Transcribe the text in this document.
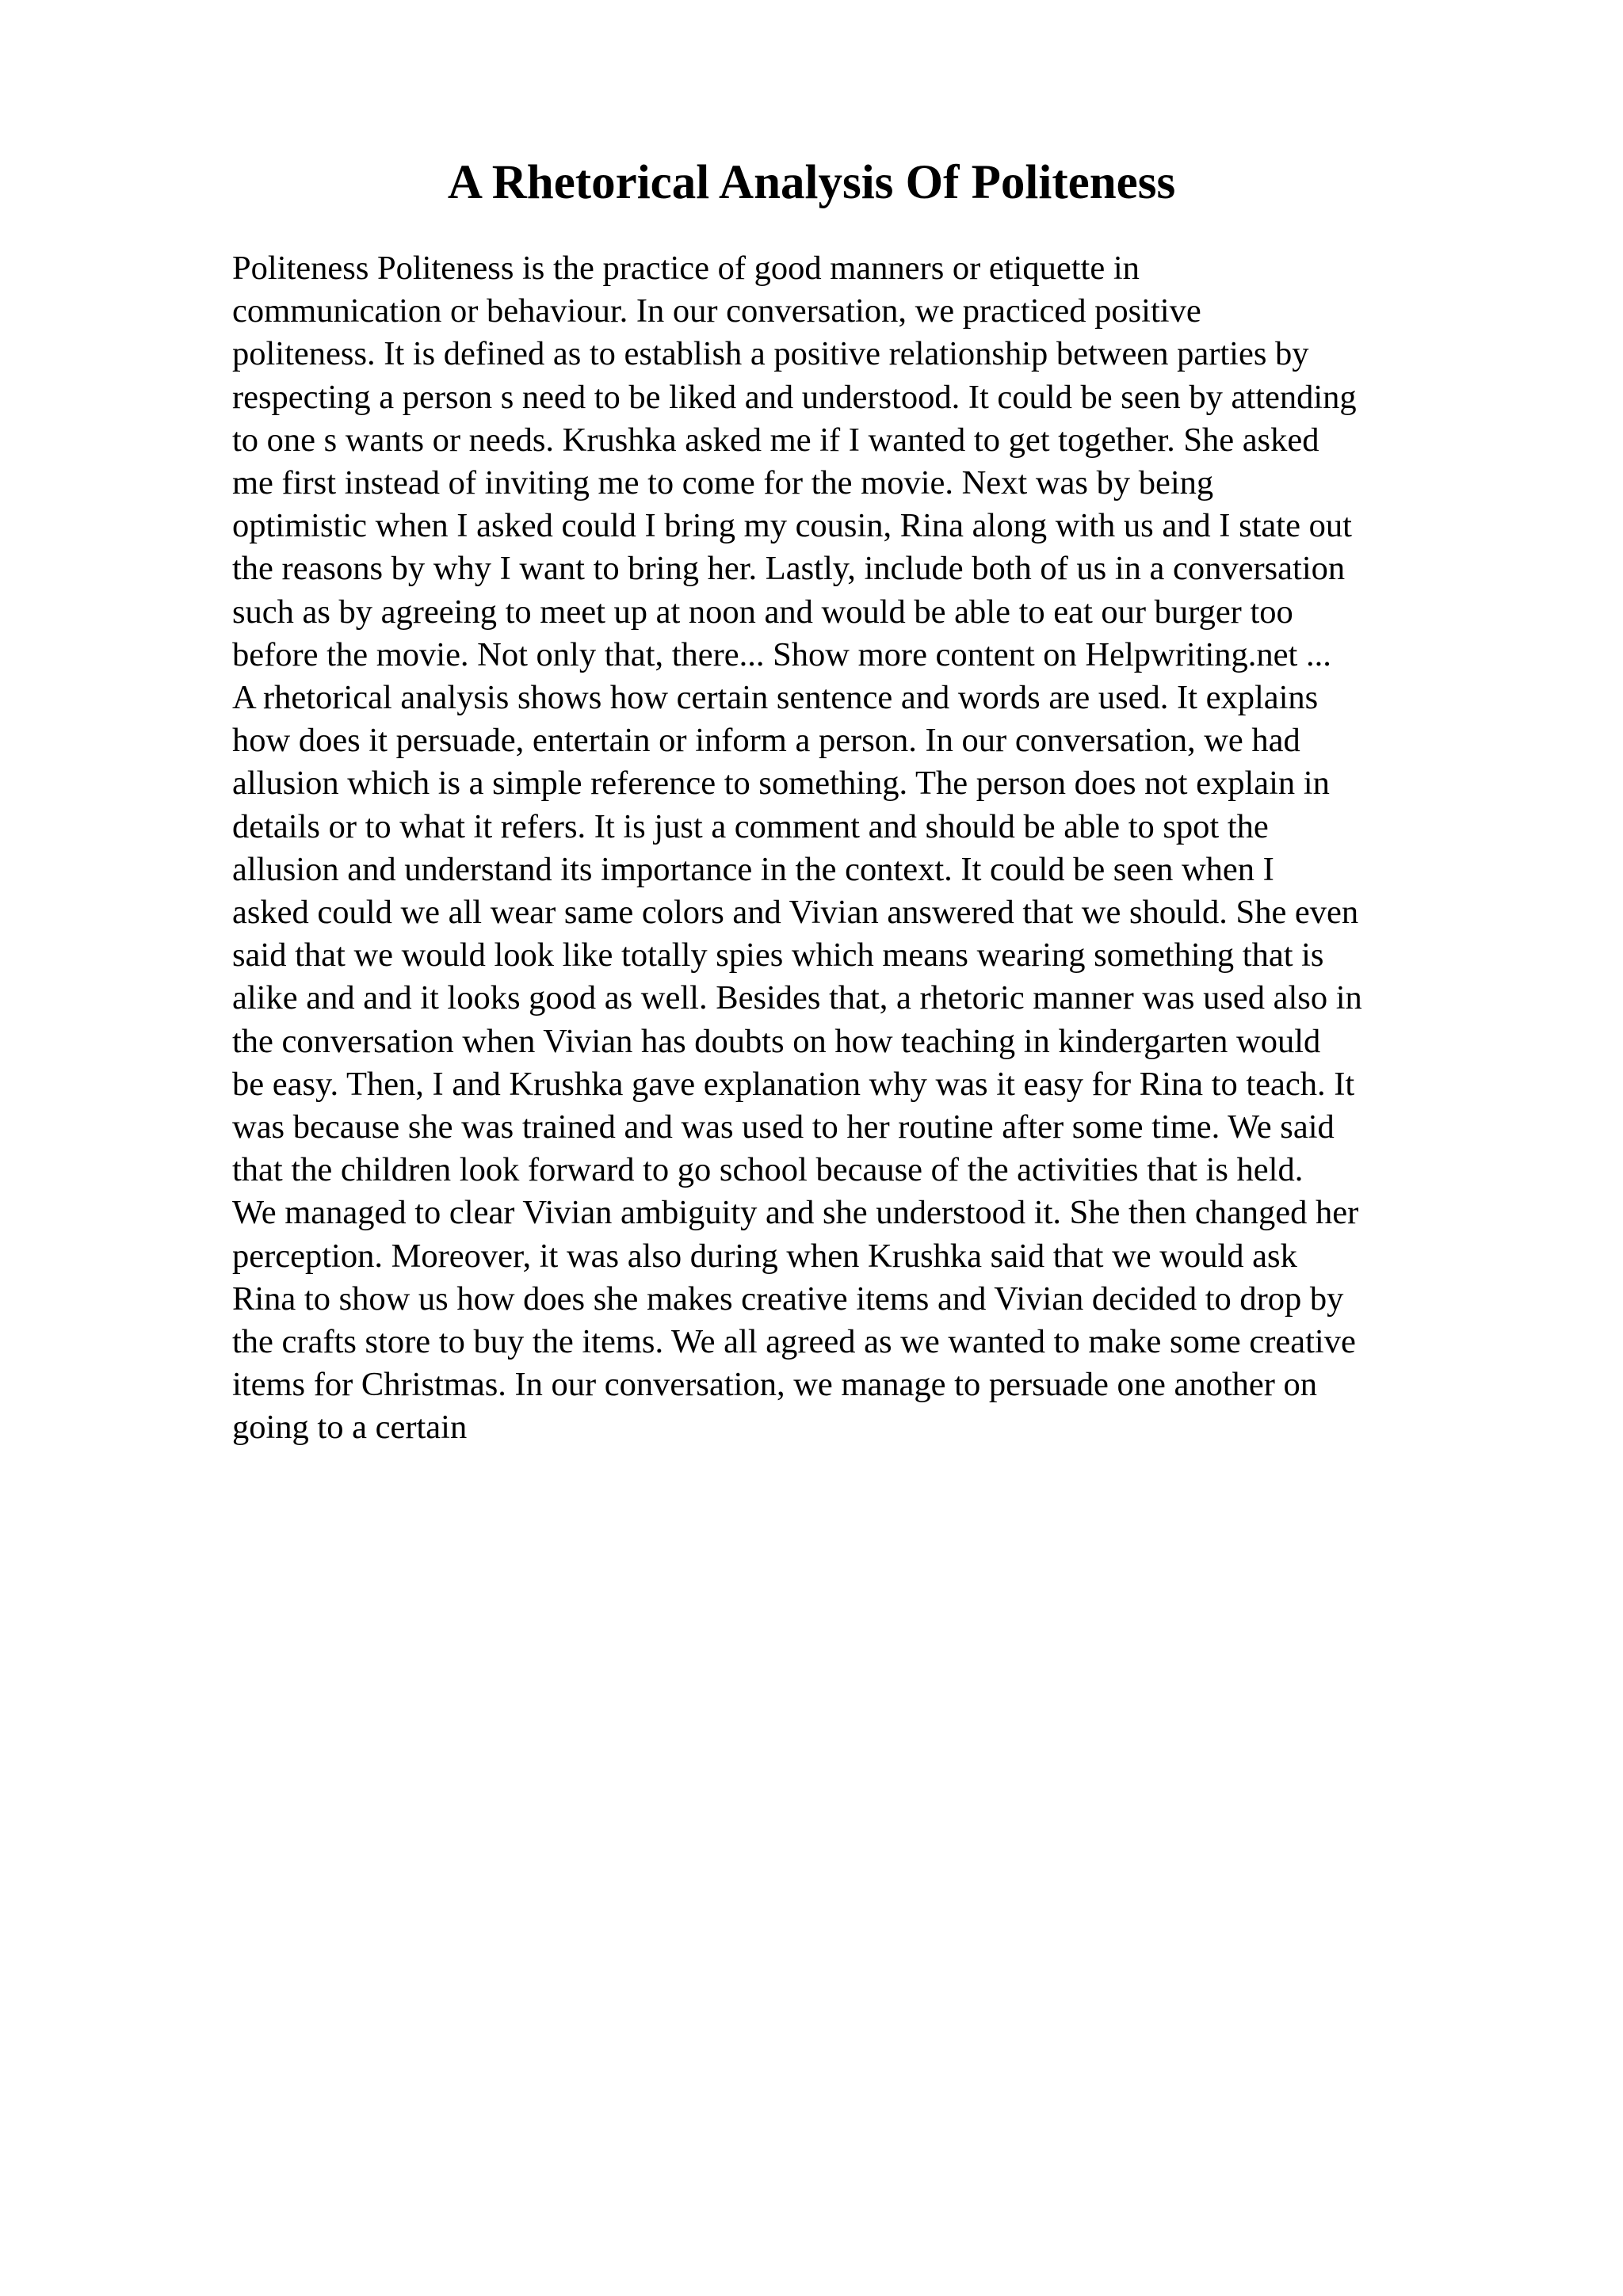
A Rhetorical Analysis Of Politeness
Politeness Politeness is the practice of good manners or etiquette in
communication or behaviour. In our conversation, we practiced positive
politeness. It is defined as to establish a positive relationship between parties by
respecting a person s need to be liked and understood. It could be seen by attending
to one s wants or needs. Krushka asked me if I wanted to get together. She asked
me first instead of inviting me to come for the movie. Next was by being
optimistic when I asked could I bring my cousin, Rina along with us and I state out
the reasons by why I want to bring her. Lastly, include both of us in a conversation
such as by agreeing to meet up at noon and would be able to eat our burger too
before the movie. Not only that, there... Show more content on Helpwriting.net ...
A rhetorical analysis shows how certain sentence and words are used. It explains
how does it persuade, entertain or inform a person. In our conversation, we had
allusion which is a simple reference to something. The person does not explain in
details or to what it refers. It is just a comment and should be able to spot the
allusion and understand its importance in the context. It could be seen when I
asked could we all wear same colors and Vivian answered that we should. She even
said that we would look like totally spies which means wearing something that is
alike and and it looks good as well. Besides that, a rhetoric manner was used also in
the conversation when Vivian has doubts on how teaching in kindergarten would
be easy. Then, I and Krushka gave explanation why was it easy for Rina to teach. It
was because she was trained and was used to her routine after some time. We said
that the children look forward to go school because of the activities that is held.
We managed to clear Vivian ambiguity and she understood it. She then changed her
perception. Moreover, it was also during when Krushka said that we would ask
Rina to show us how does she makes creative items and Vivian decided to drop by
the crafts store to buy the items. We all agreed as we wanted to make some creative
items for Christmas. In our conversation, we manage to persuade one another on
going to a certain
